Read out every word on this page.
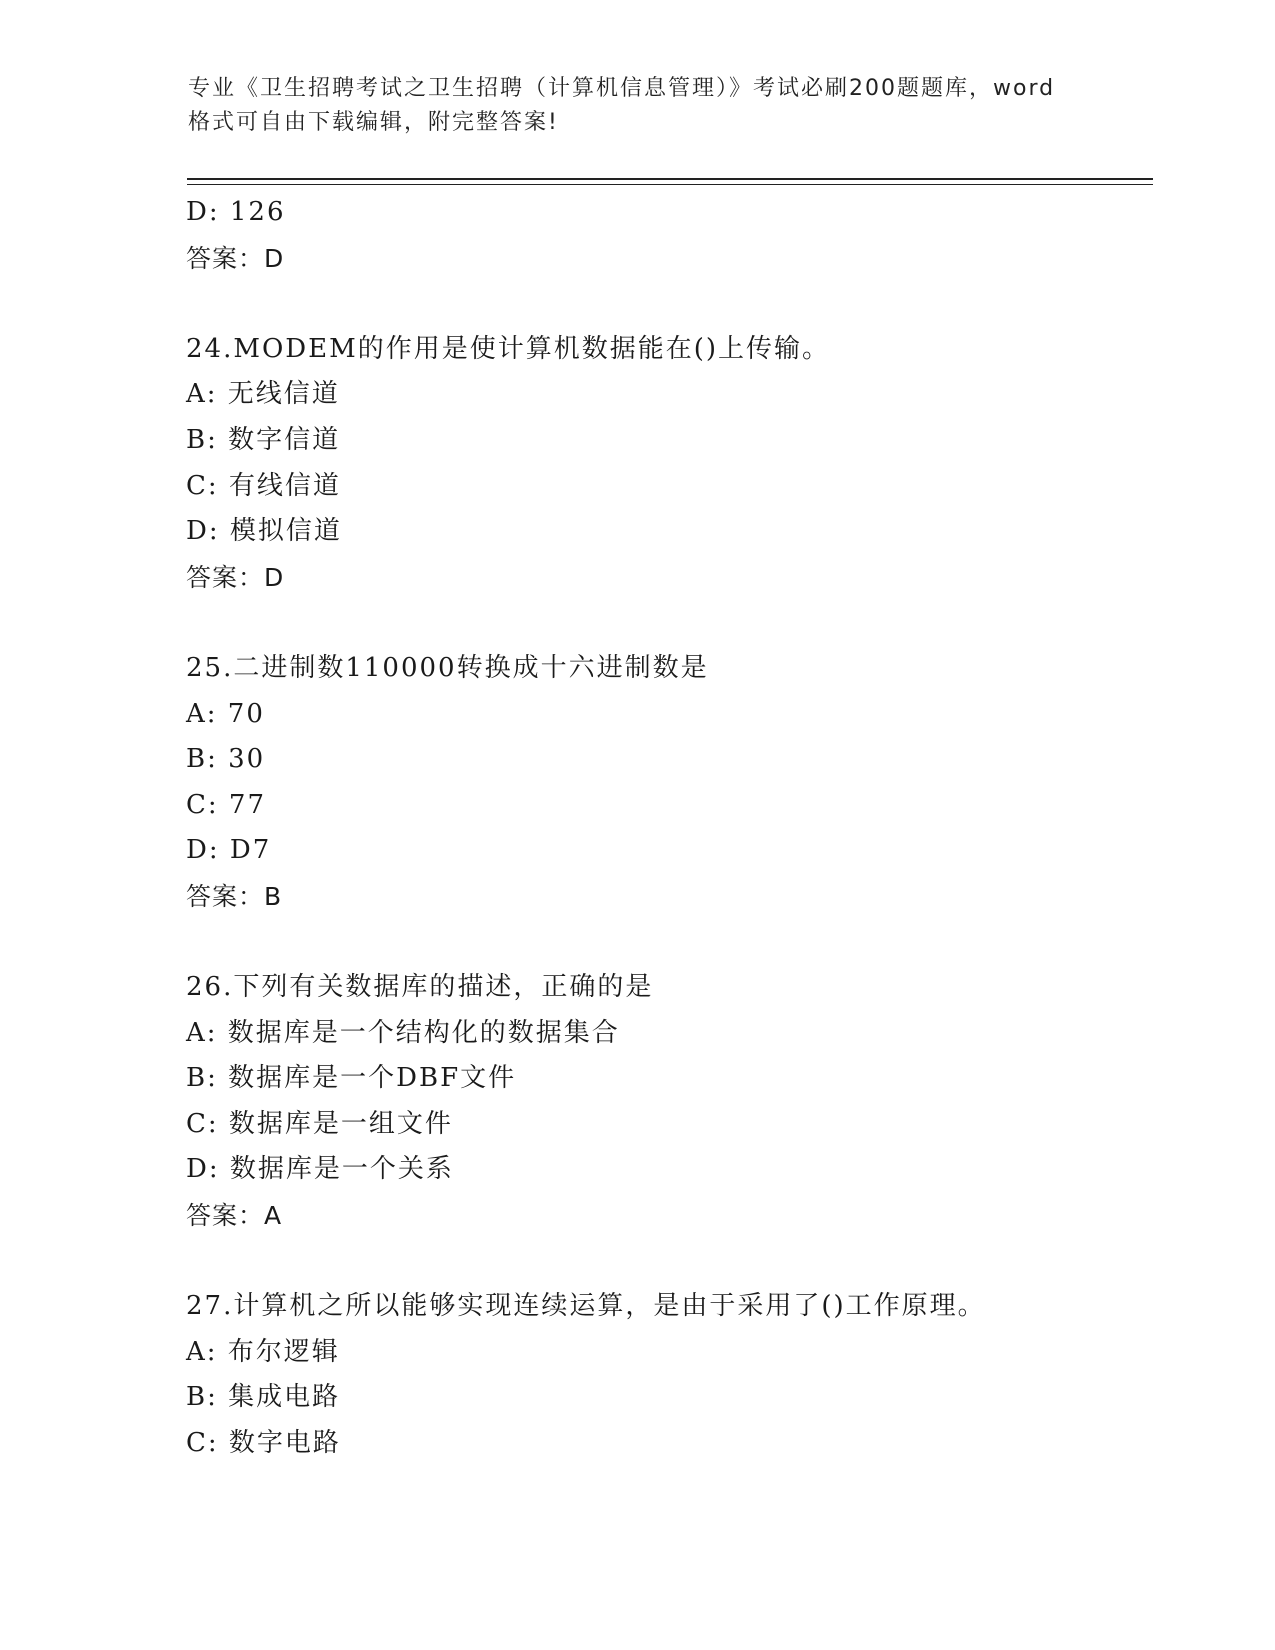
专业《卫生招聘考试之卫生招聘（计算机信息管理）》考试必刷200题题库，word
格式可自由下载编辑，附完整答案!
D: 126
答案：D
24.MODEM的作用是使计算机数据能在()上传输。
A: 无线信道
B: 数字信道
C: 有线信道
D: 模拟信道
答案：D
25.二进制数110000转换成十六进制数是
A: 70
B: 30
C: 77
D: D7
答案：B
26.下列有关数据库的描述，正确的是
A: 数据库是一个结构化的数据集合
B: 数据库是一个DBF文件
C: 数据库是一组文件
D: 数据库是一个关系
答案：A
27.计算机之所以能够实现连续运算，是由于采用了()工作原理。
A: 布尔逻辑
B: 集成电路
C: 数字电路
